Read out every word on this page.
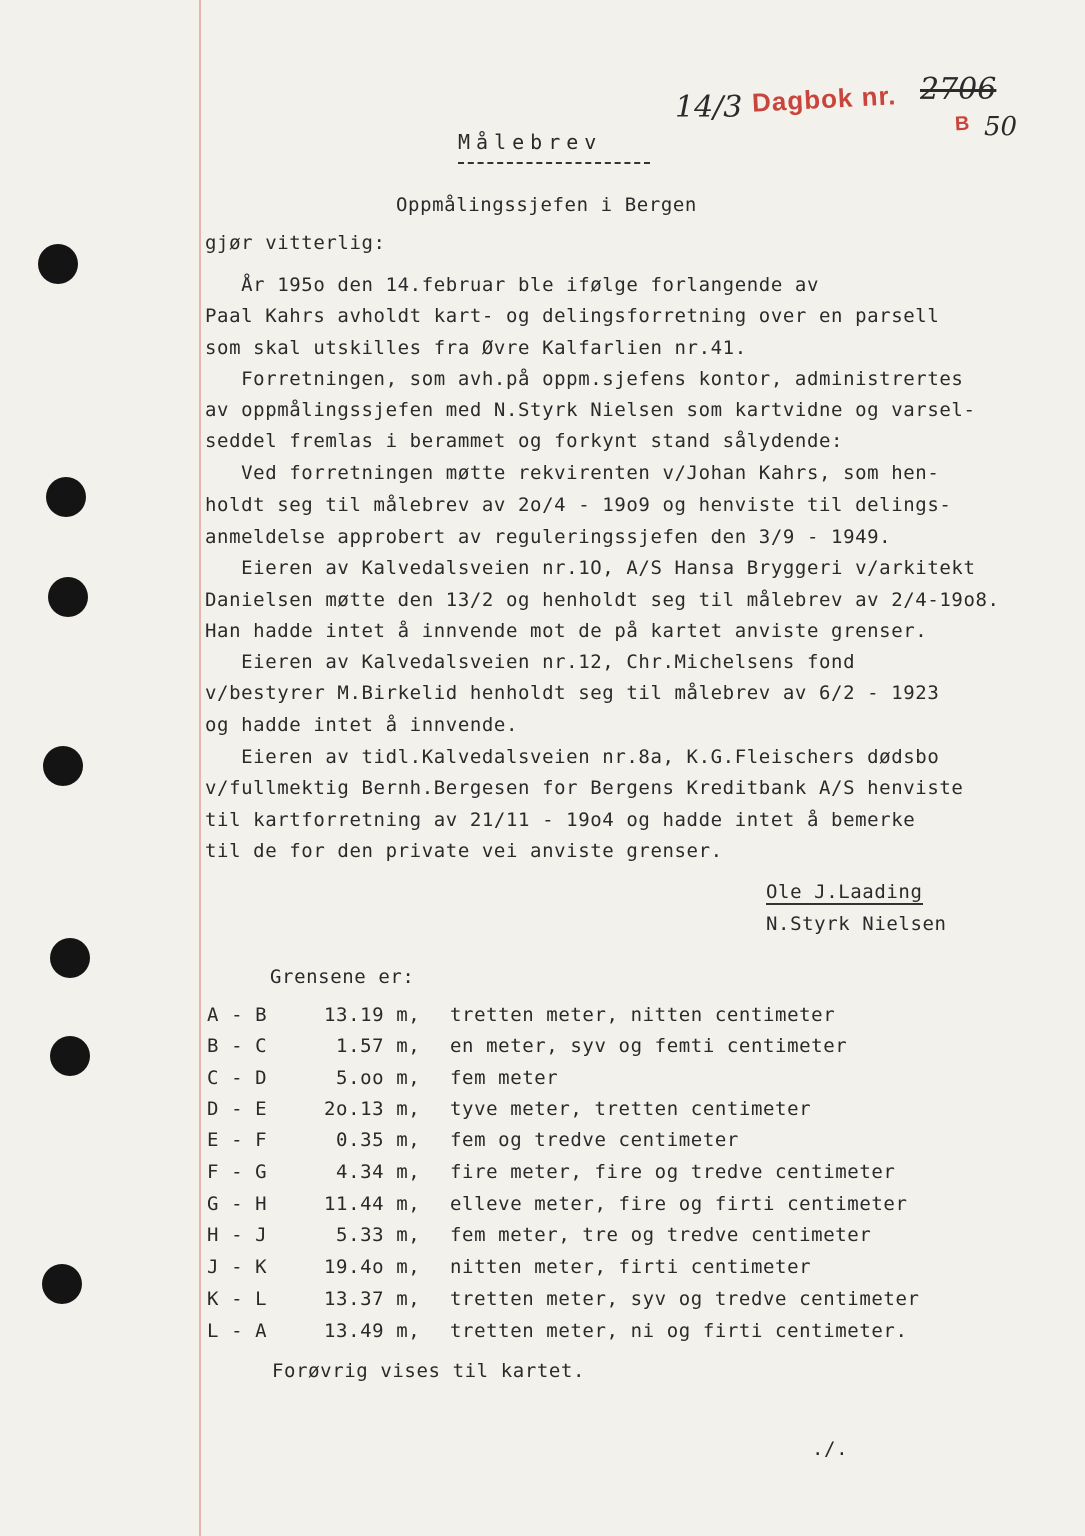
Målebrev
14/3 Dagbok nr. 2706
B 50
Oppmålingssjefen i Bergen
gjør vitterlig:
År 195o den 14.februar ble ifølge forlangende av
Paal Kahrs avholdt kart- og delingsforretning over en parsell
som skal utskilles fra Øvre Kalfarlien nr.41.
Forretningen, som avh.på oppm.sjefens kontor, administrertes
av oppmålingssjefen med N.Styrk Nielsen som kartvidne og varsel-
seddel fremlas i berammet og forkynt stand sålydende:
Ved forretningen møtte rekvirenten v/Johan Kahrs, som hen-
holdt seg til målebrev av 2o/4 - 19o9 og henviste til delings-
anmeldelse approbert av reguleringssjefen den 3/9 - 1949.
Eieren av Kalvedalsveien nr.1O, A/S Hansa Bryggeri v/arkitekt
Danielsen møtte den 13/2 og henholdt seg til målebrev av 2/4-19o8.
Han hadde intet å innvende mot de på kartet anviste grenser.
Eieren av Kalvedalsveien nr.12, Chr.Michelsens fond
v/bestyrer M.Birkelid henholdt seg til målebrev av 6/2 - 1923
og hadde intet å innvende.
Eieren av tidl.Kalvedalsveien nr.8a, K.G.Fleischers dødsbo
v/fullmektig Bernh.Bergesen for Bergens Kreditbank A/S henviste
til kartforretning av 21/11 - 19o4 og hadde intet å bemerke
til de for den private vei anviste grenser.
Ole J.Laading
N.Styrk Nielsen
Grensene er:
A - B	13.19 m, tretten meter, nitten centimeter
B - C	1.57 m, en meter, syv og femti centimeter
C - D	5.oo m, fem meter
D - E	2o.13 m, tyve meter, tretten centimeter
E - F	0.35 m, fem og tredve centimeter
F - G	4.34 m, fire meter, fire og tredve centimeter
G - H	11.44 m, elleve meter, fire og firti centimeter
H - J	5.33 m, fem meter, tre og tredve centimeter
J - K	19.4o m, nitten meter, firti centimeter
K - L	13.37 m, tretten meter, syv og tredve centimeter
L - A	13.49 m, tretten meter, ni og firti centimeter.
Forøvrig vises til kartet.
./.
